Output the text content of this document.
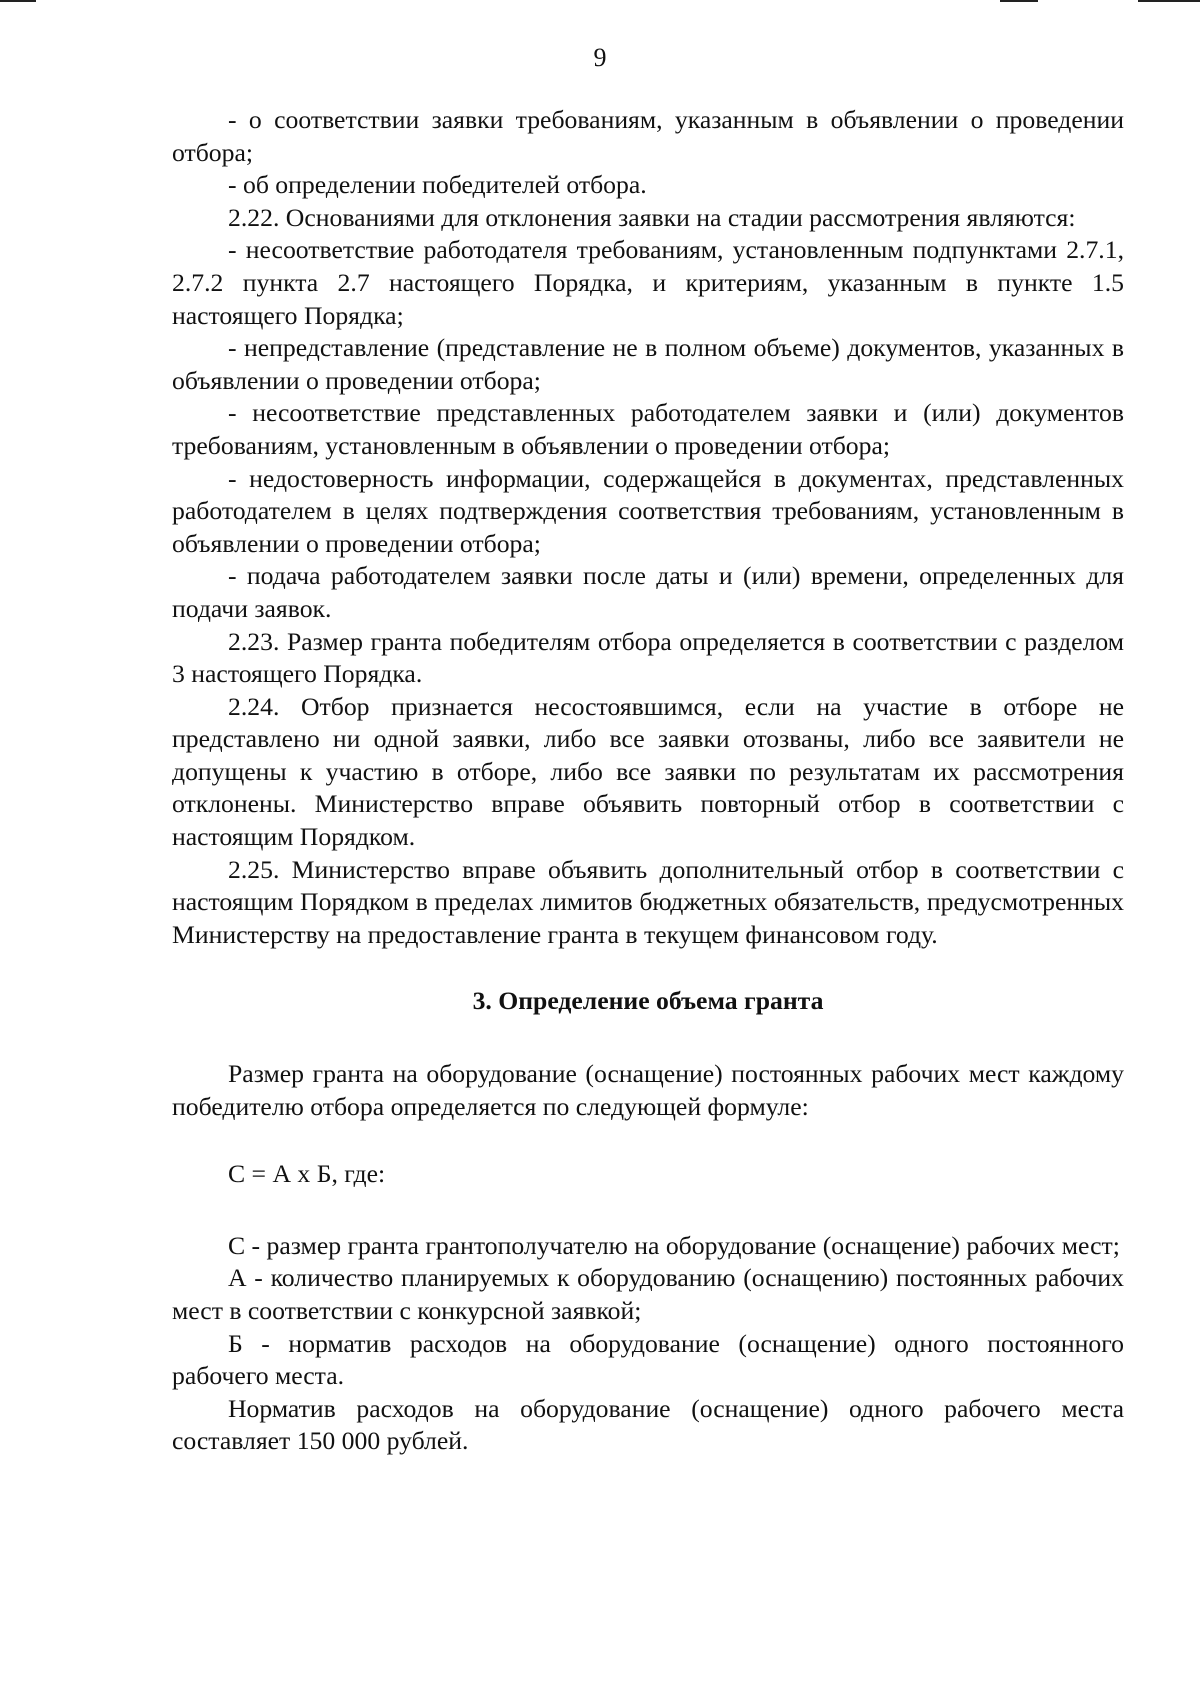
9

- о соответствии заявки требованиям, указанным в объявлении о проведении отбора;

- об определении победителей отбора.

2.22. Основаниями для отклонения заявки на стадии рассмотрения являются:

- несоответствие работодателя требованиям, установленным подпунктами 2.7.1, 2.7.2 пункта 2.7 настоящего Порядка, и критериям, указанным в пункте 1.5 настоящего Порядка;

- непредставление (представление не в полном объеме) документов, указанных в объявлении о проведении отбора;

- несоответствие представленных работодателем заявки и (или) документов требованиям, установленным в объявлении о проведении отбора;

- недостоверность информации, содержащейся в документах, представленных работодателем в целях подтверждения соответствия требованиям, установленным в объявлении о проведении отбора;

- подача работодателем заявки после даты и (или) времени, определенных для подачи заявок.

2.23. Размер гранта победителям отбора определяется в соответствии с разделом 3 настоящего Порядка.

2.24. Отбор признается несостоявшимся, если на участие в отборе не представлено ни одной заявки, либо все заявки отозваны, либо все заявители не допущены к участию в отборе, либо все заявки по результатам их рассмотрения отклонены. Министерство вправе объявить повторный отбор в соответствии с настоящим Порядком.

2.25. Министерство вправе объявить дополнительный отбор в соответствии с настоящим Порядком в пределах лимитов бюджетных обязательств, предусмотренных Министерству на предоставление гранта в текущем финансовом году.

3. Определение объема гранта

Размер гранта на оборудование (оснащение) постоянных рабочих мест каждому победителю отбора определяется по следующей формуле:

С = А х Б, где:

С - размер гранта грантополучателю на оборудование (оснащение) рабочих мест;

А - количество планируемых к оборудованию (оснащению) постоянных рабочих мест в соответствии с конкурсной заявкой;

Б - норматив расходов на оборудование (оснащение) одного постоянного рабочего места.

Норматив расходов на оборудование (оснащение) одного рабочего места составляет 150 000 рублей.
